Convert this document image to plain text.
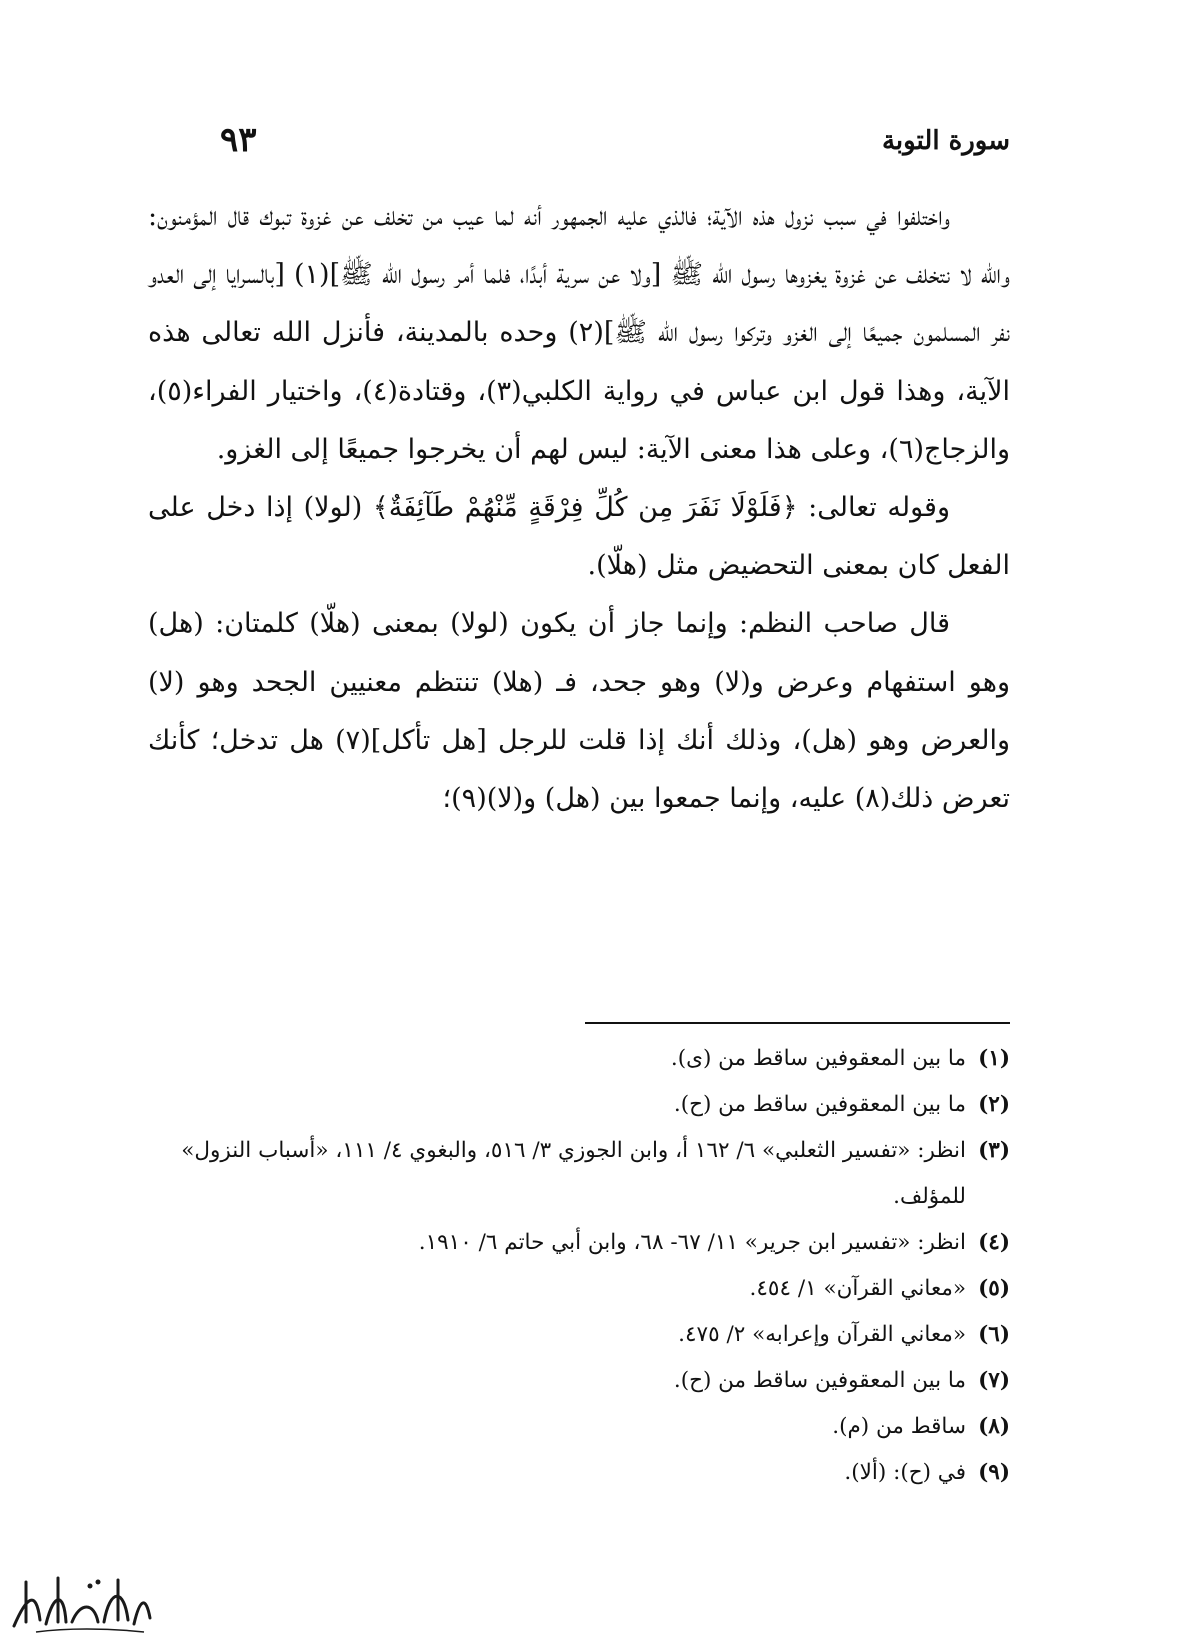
سورة التوبة
٩٣

واختلفوا في سبب نزول هذه الآية؛ فالذي عليه الجمهور أنه لما عيب من تخلف عن غزوة تبوك قال المؤمنون: والله لا نتخلف عن غزوة يغزوها رسول الله ﷺ [ولا عن سرية أبدًا، فلما أمر رسول الله ﷺ](١) [بالسرايا إلى العدو نفر المسلمون جميعًا إلى الغزو وتركوا رسول الله ﷺ](٢) وحده بالمدينة، فأنزل الله تعالى هذه الآية، وهذا قول ابن عباس في رواية الكلبي(٣)، وقتادة(٤)، واختيار الفراء(٥)، والزجاج(٦)، وعلى هذا معنى الآية: ليس لهم أن يخرجوا جميعًا إلى الغزو.

وقوله تعالى: ﴿فَلَوْلَا نَفَرَ مِن كُلِّ فِرْقَةٍ مِّنْهُمْ طَآئِفَةٌ﴾ (لولا) إذا دخل على الفعل كان بمعنى التحضيض مثل (هلّا).

قال صاحب النظم: وإنما جاز أن يكون (لولا) بمعنى (هلّا) كلمتان: (هل) وهو استفهام وعرض و(لا) وهو جحد، فـ (هلا) تنتظم معنيين الجحد وهو (لا) والعرض وهو (هل)، وذلك أنك إذا قلت للرجل [هل تأكل](٧) هل تدخل؛ كأنك تعرض ذلك(٨) عليه، وإنما جمعوا بين (هل) و(لا)(٩)؛

(١)
ما بين المعقوفين ساقط من (ى).
(٢)
ما بين المعقوفين ساقط من (ح).
(٣)
انظر: «تفسير الثعلبي» ٦/ ١٦٢ أ، وابن الجوزي ٣/ ٥١٦، والبغوي ٤/ ١١١، «أسباب النزول» للمؤلف.
(٤)
انظر: «تفسير ابن جرير» ١١/ ٦٧- ٦٨، وابن أبي حاتم ٦/ ١٩١٠.
(٥)
«معاني القرآن» ١/ ٤٥٤.
(٦)
«معاني القرآن وإعرابه» ٢/ ٤٧٥.
(٧)
ما بين المعقوفين ساقط من (ح).
(٨)
ساقط من (م).
(٩)
في (ح): (ألا).
